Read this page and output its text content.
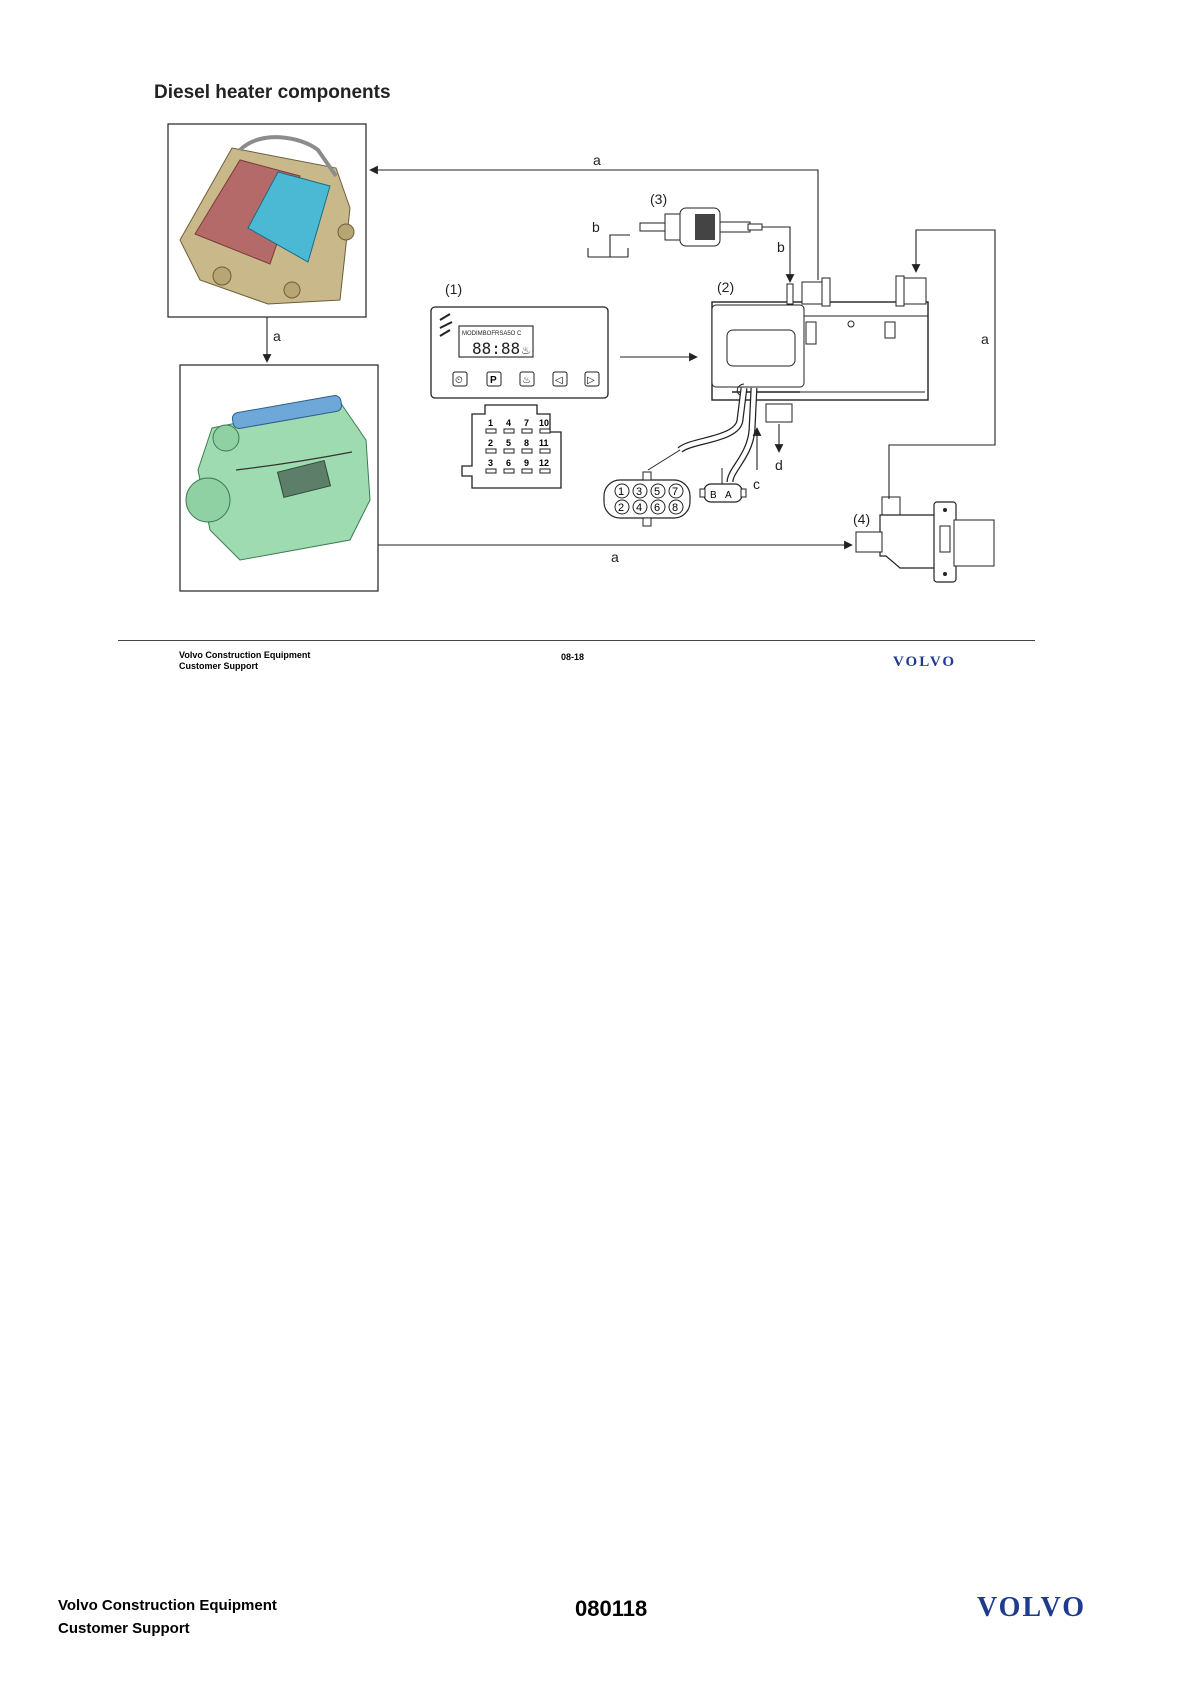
Diesel heater components
MODIMBOFRSA5O C
88:88 ♨
⏲	P	♨ ◁ ▷
1 4 7 10
2 5 8 11
3 6 9 12
1 3 5 7
2 4 6 8
B A
a
a	a
a
b
b
c
d
(1)	(2)
(3)
(4)
Volvo Construction Equipment
Customer Support
08-18	VOLVO
Volvo Construction Equipment
Customer Support
080118	VOLVO
